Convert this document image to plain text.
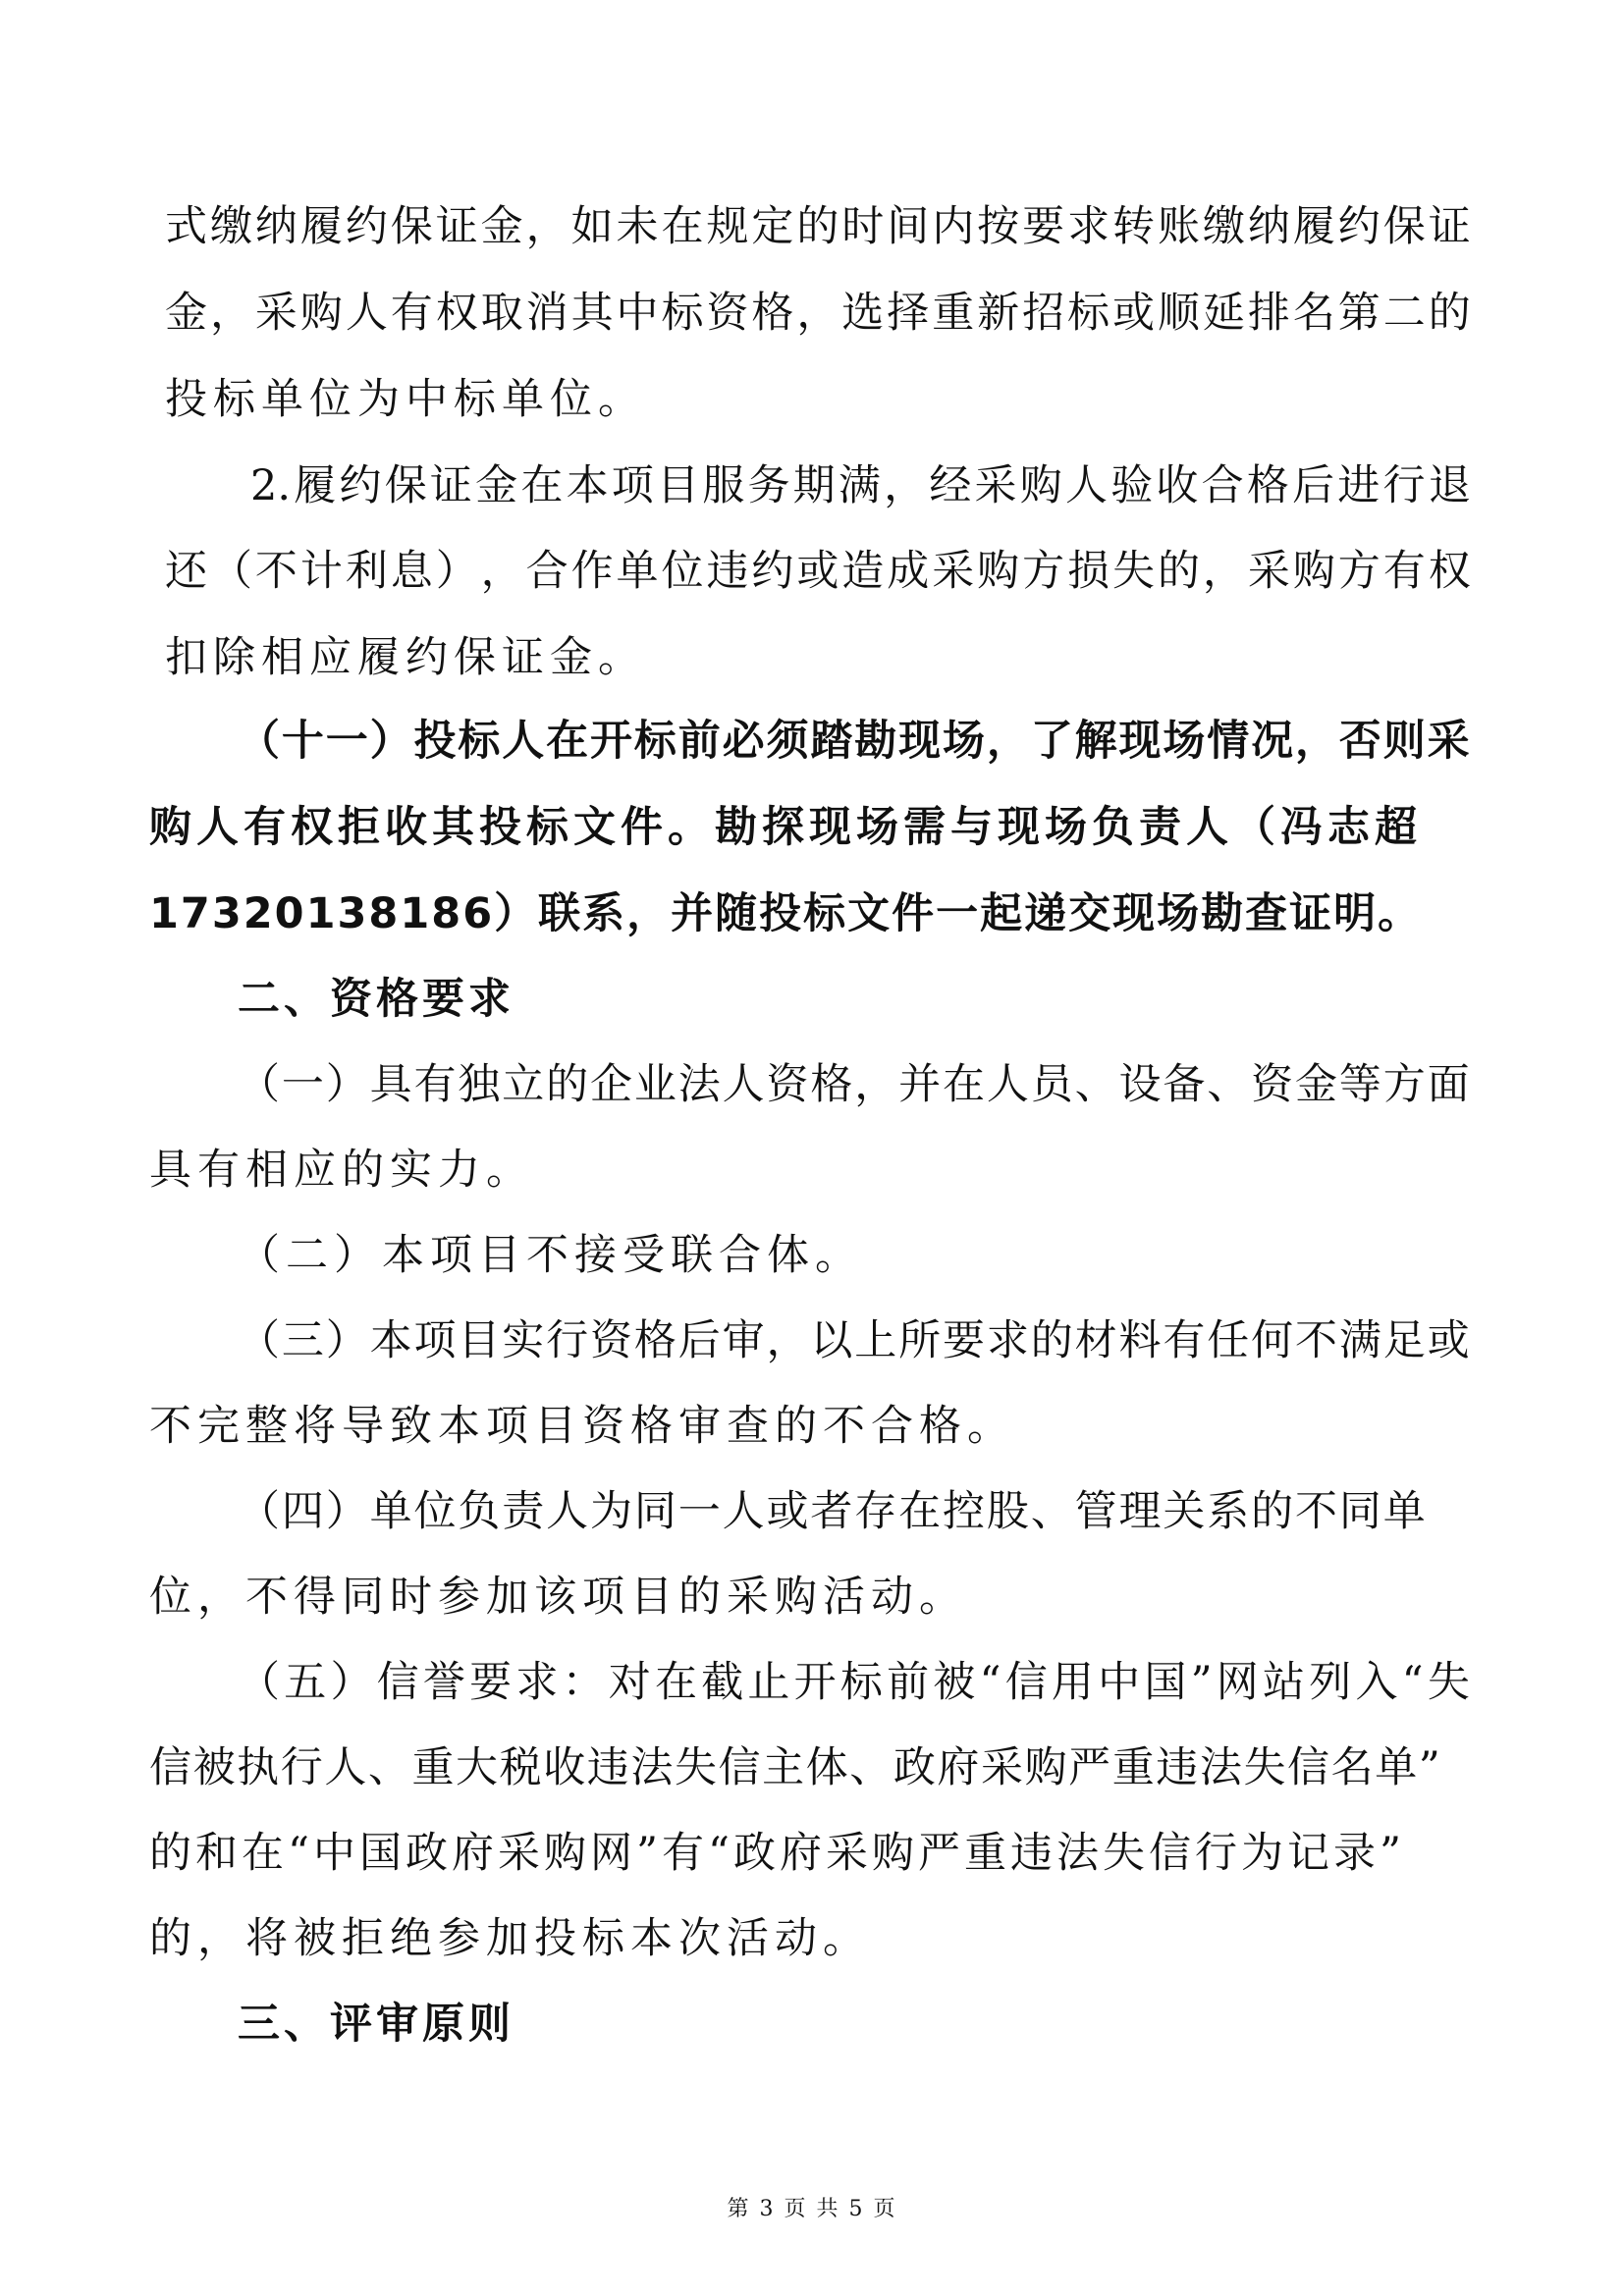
式 缴 纳 履 约 保 证 金 ， 如 未 在 规 定 的 时 间 内 按 要 求 转 账 缴 纳 履 约 保 证
金 ， 采 购 人 有 权 取 消 其 中 标 资 格 ， 选 择 重 新 招 标 或 顺 延 排 名 第 二 的
投标单位为中标单位。
2. 履 约 保 证 金 在 本 项 目 服 务 期 满 ， 经 采 购 人 验 收 合 格 后 进 行 退
还 （ 不 计 利 息 ） ， 合 作 单 位 违 约 或 造 成 采 购 方 损 失 的 ， 采 购 方 有 权
扣除相应履约保证金。
（ 十 一 ） 投 标 人 在 开 标 前 必 须 踏 勘 现 场 ， 了 解 现 场 情 况 ， 否 则 采
购人有权拒收其投标文件。勘探现场需与现场负责人（冯志超
17320138186）联系，并随投标文件一起递交现场勘查证明。
二、资格要求
（ 一 ） 具 有 独 立 的 企 业 法 人 资 格 ， 并 在 人 员 、 设 备 、 资 金 等 方 面
具有相应的实力。
（二）本项目不接受联合体。
（ 三 ） 本 项 目 实 行 资 格 后 审 ， 以 上 所 要 求 的 材 料 有 任 何 不 满 足 或
不完整将导致本项目资格审查的不合格。
（ 四 ） 单 位 负 责 人 为 同 一 人 或 者 存 在 控 股 、 管 理 关 系 的 不 同 单
位，不得同时参加该项目的采购活动。
（ 五 ） 信 誉 要 求 ： 对 在 截 止 开 标 前 被 “ 信 用 中 国 ” 网 站 列 入 “ 失
信 被 执 行 人 、 重 大 税 收 违 法 失 信 主 体 、 政 府 采 购 严 重 违 法 失 信 名 单 ”
的 和 在 “ 中 国 政 府 采 购 网 ” 有 “ 政 府 采 购 严 重 违 法 失 信 行 为 记 录 ”
的，将被拒绝参加投标本次活动。
三、评审原则
第 3 页 共 5 页
